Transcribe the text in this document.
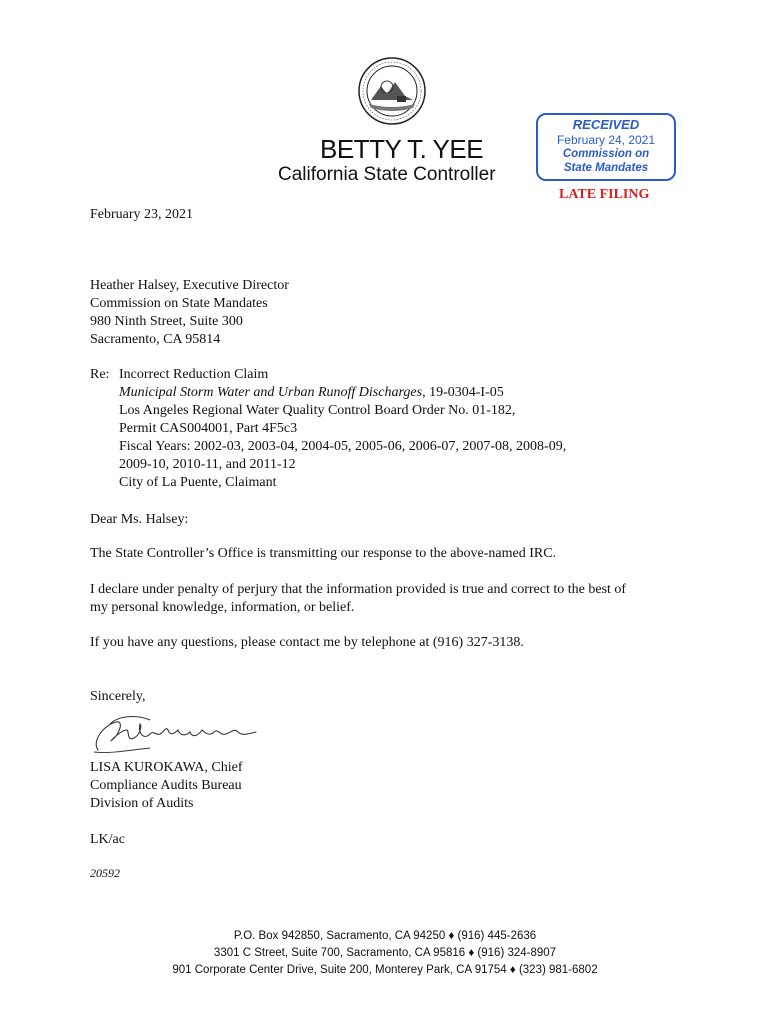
BETTY T. YEE
California State Controller
RECEIVED
February 24, 2021
Commission on
State Mandates
LATE FILING
February 23, 2021
Heather Halsey, Executive Director
Commission on State Mandates
980 Ninth Street, Suite 300
Sacramento, CA 95814
Re: Incorrect Reduction Claim
Municipal Storm Water and Urban Runoff Discharges, 19-0304-I-05
Los Angeles Regional Water Quality Control Board Order No. 01-182,
Permit CAS004001, Part 4F5c3
Fiscal Years: 2002-03, 2003-04, 2004-05, 2005-06, 2006-07, 2007-08, 2008-09,
2009-10, 2010-11, and 2011-12
City of La Puente, Claimant
Dear Ms. Halsey:
The State Controller’s Office is transmitting our response to the above-named IRC.
I declare under penalty of perjury that the information provided is true and correct to the best of
my personal knowledge, information, or belief.
If you have any questions, please contact me by telephone at (916) 327-3138.
Sincerely,
LISA KUROKAWA, Chief
Compliance Audits Bureau
Division of Audits
LK/ac
20592
P.O. Box 942850, Sacramento, CA 94250 ♦ (916) 445-2636
3301 C Street, Suite 700, Sacramento, CA 95816 ♦ (916) 324-8907
901 Corporate Center Drive, Suite 200, Monterey Park, CA 91754 ♦ (323) 981-6802
